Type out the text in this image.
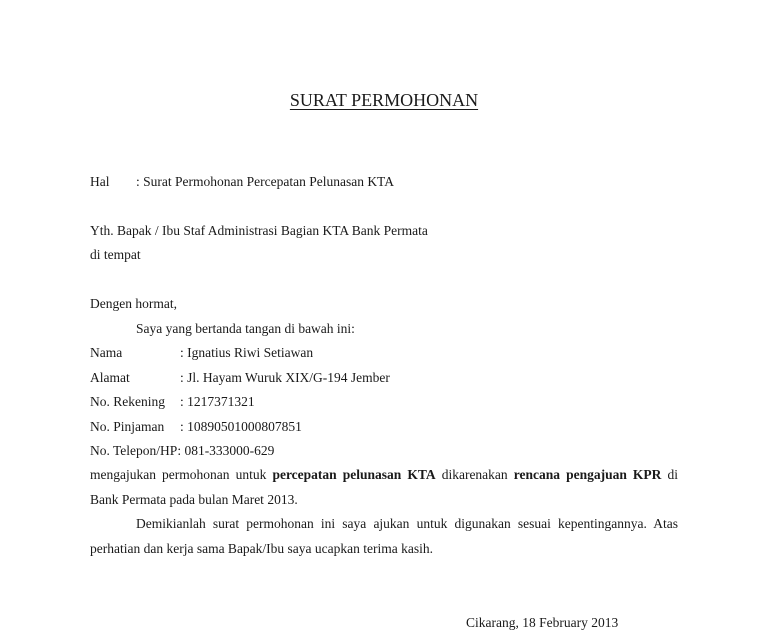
SURAT PERMOHONAN
Hal : Surat Permohonan Percepatan Pelunasan KTA
Yth. Bapak / Ibu Staf Administrasi Bagian KTA Bank Permata
di tempat
Dengen hormat,
Saya yang bertanda tangan di bawah ini:
Nama	: Ignatius Riwi Setiawan
Alamat	: Jl. Hayam Wuruk XIX/G-194 Jember
No. Rekening : 1217371321
No. Pinjaman : 10890501000807851
No. Telepon/HP: 081-333000-629
mengajukan permohonan untuk percepatan pelunasan KTA dikarenakan rencana pengajuan KPR di Bank Permata pada bulan Maret 2013.
Demikianlah surat permohonan ini saya ajukan untuk digunakan sesuai kepentingannya. Atas perhatian dan kerja sama Bapak/Ibu saya ucapkan terima kasih.
Cikarang, 18 February 2013
